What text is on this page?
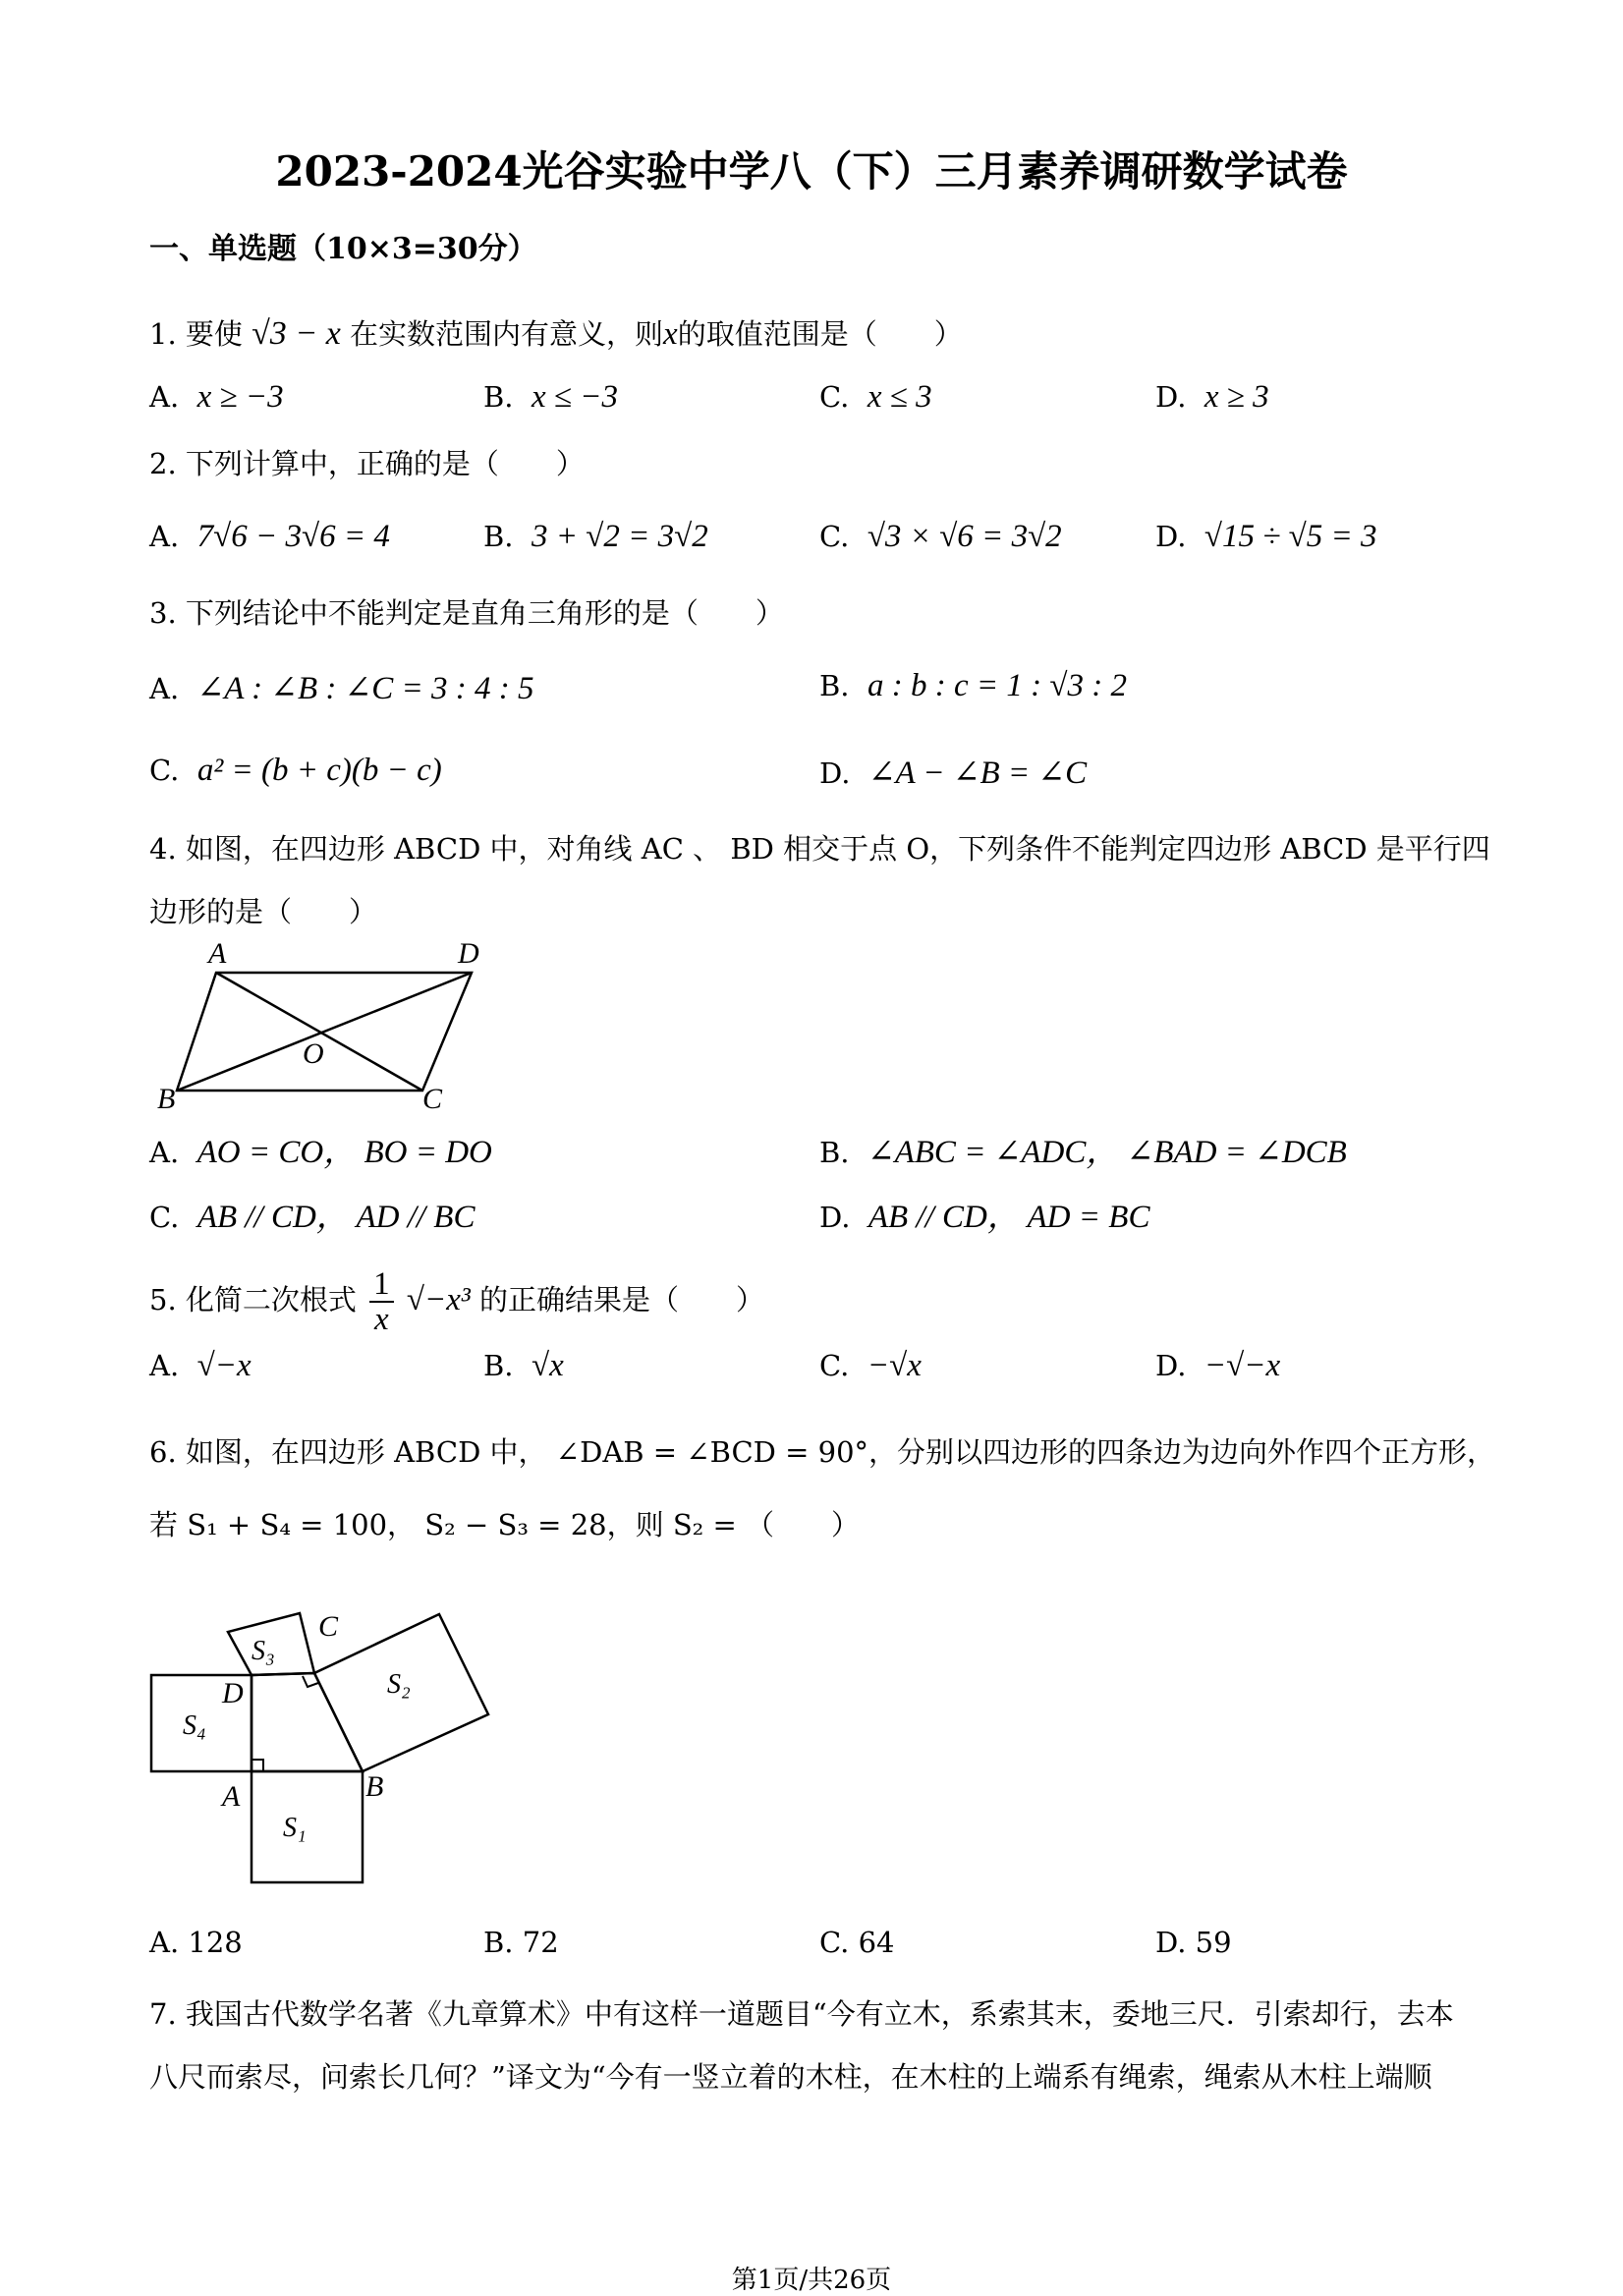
2023-2024光谷实验中学八（下）三月素养调研数学试卷
一、单选题（10×3=30分）
1. 要使 √3 − x 在实数范围内有意义，则x的取值范围是（　　）
A. x ≥ −3	B. x ≤ −3	C. x ≤ 3	D. x ≥ 3
2. 下列计算中，正确的是（　　）
A. 7√6 − 3√6 = 4	B. 3 + √2 = 3√2	C. √3 × √6 = 3√2	D. √15 ÷ √5 = 3
3. 下列结论中不能判定是直角三角形的是（　　）
A. ∠A : ∠B : ∠C = 3 : 4 : 5	B. a : b : c = 1 : √3 : 2
C. a² = (b + c)(b − c)	D. ∠A − ∠B = ∠C
4. 如图，在四边形 ABCD 中，对角线 AC 、 BD 相交于点 O，下列条件不能判定四边形 ABCD 是平行四
边形的是（　　）
A	D
O
B	C
A. AO = CO， BO = DO	B. ∠ABC = ∠ADC， ∠BAD = ∠DCB
C. AB // CD， AD // BC	D. AB // CD， AD = BC
5. 化简二次根式 $\frac{1}{x} √-x^3$ 的正确结果是（　　）
A. √−x	B. √x	C. −√x	D. −√−x
6. 如图，在四边形 ABCD 中， ∠DAB = ∠BCD = 90°，分别以四边形的四条边为边向外作四个正方形，
若 S₁ + S₄ = 100， S₂ − S₃ = 28，则 S₂ = （　　）
S₃
C
S₂
D
S₄
A	B
S₁
A. 128	B. 72	C. 64	D. 59
7. 我国古代数学名著《九章算术》中有这样一道题目“今有立木，系索其末，委地三尺．引索却行，去本
八尺而索尽，问索长几何？”译文为“今有一竖立着的木柱，在木柱的上端系有绳索，绳索从木柱上端顺
第1页/共26页
